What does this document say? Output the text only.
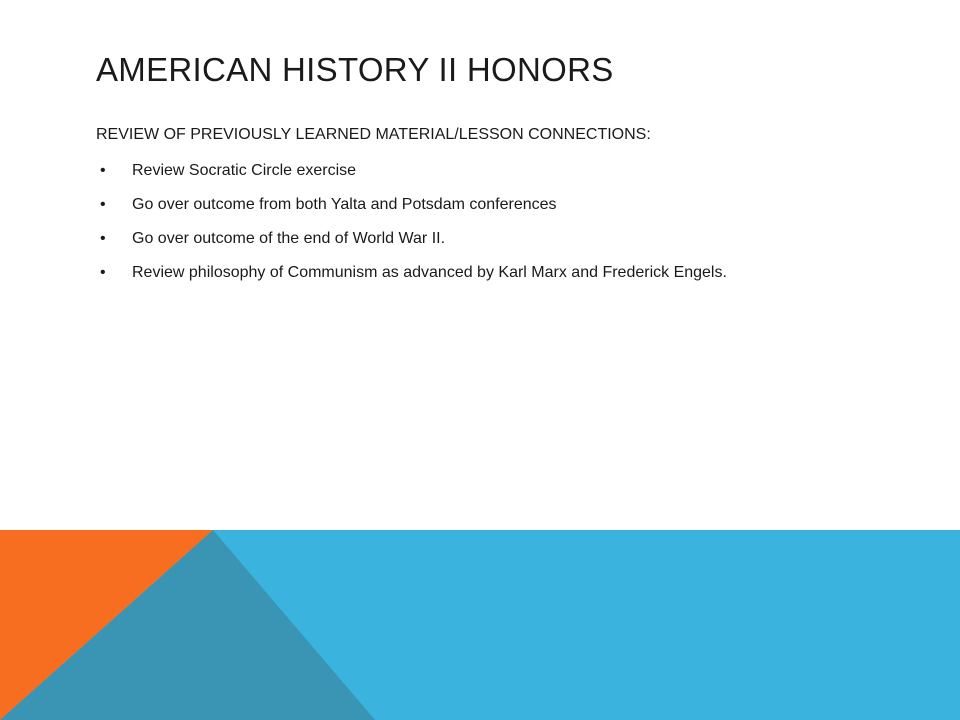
AMERICAN HISTORY II HONORS

REVIEW OF PREVIOUSLY LEARNED MATERIAL/LESSON CONNECTIONS:

• Review Socratic Circle exercise
• Go over outcome from both Yalta and Potsdam conferences
• Go over outcome of the end of World War II.
• Review philosophy of Communism as advanced by Karl Marx and Frederick Engels.
